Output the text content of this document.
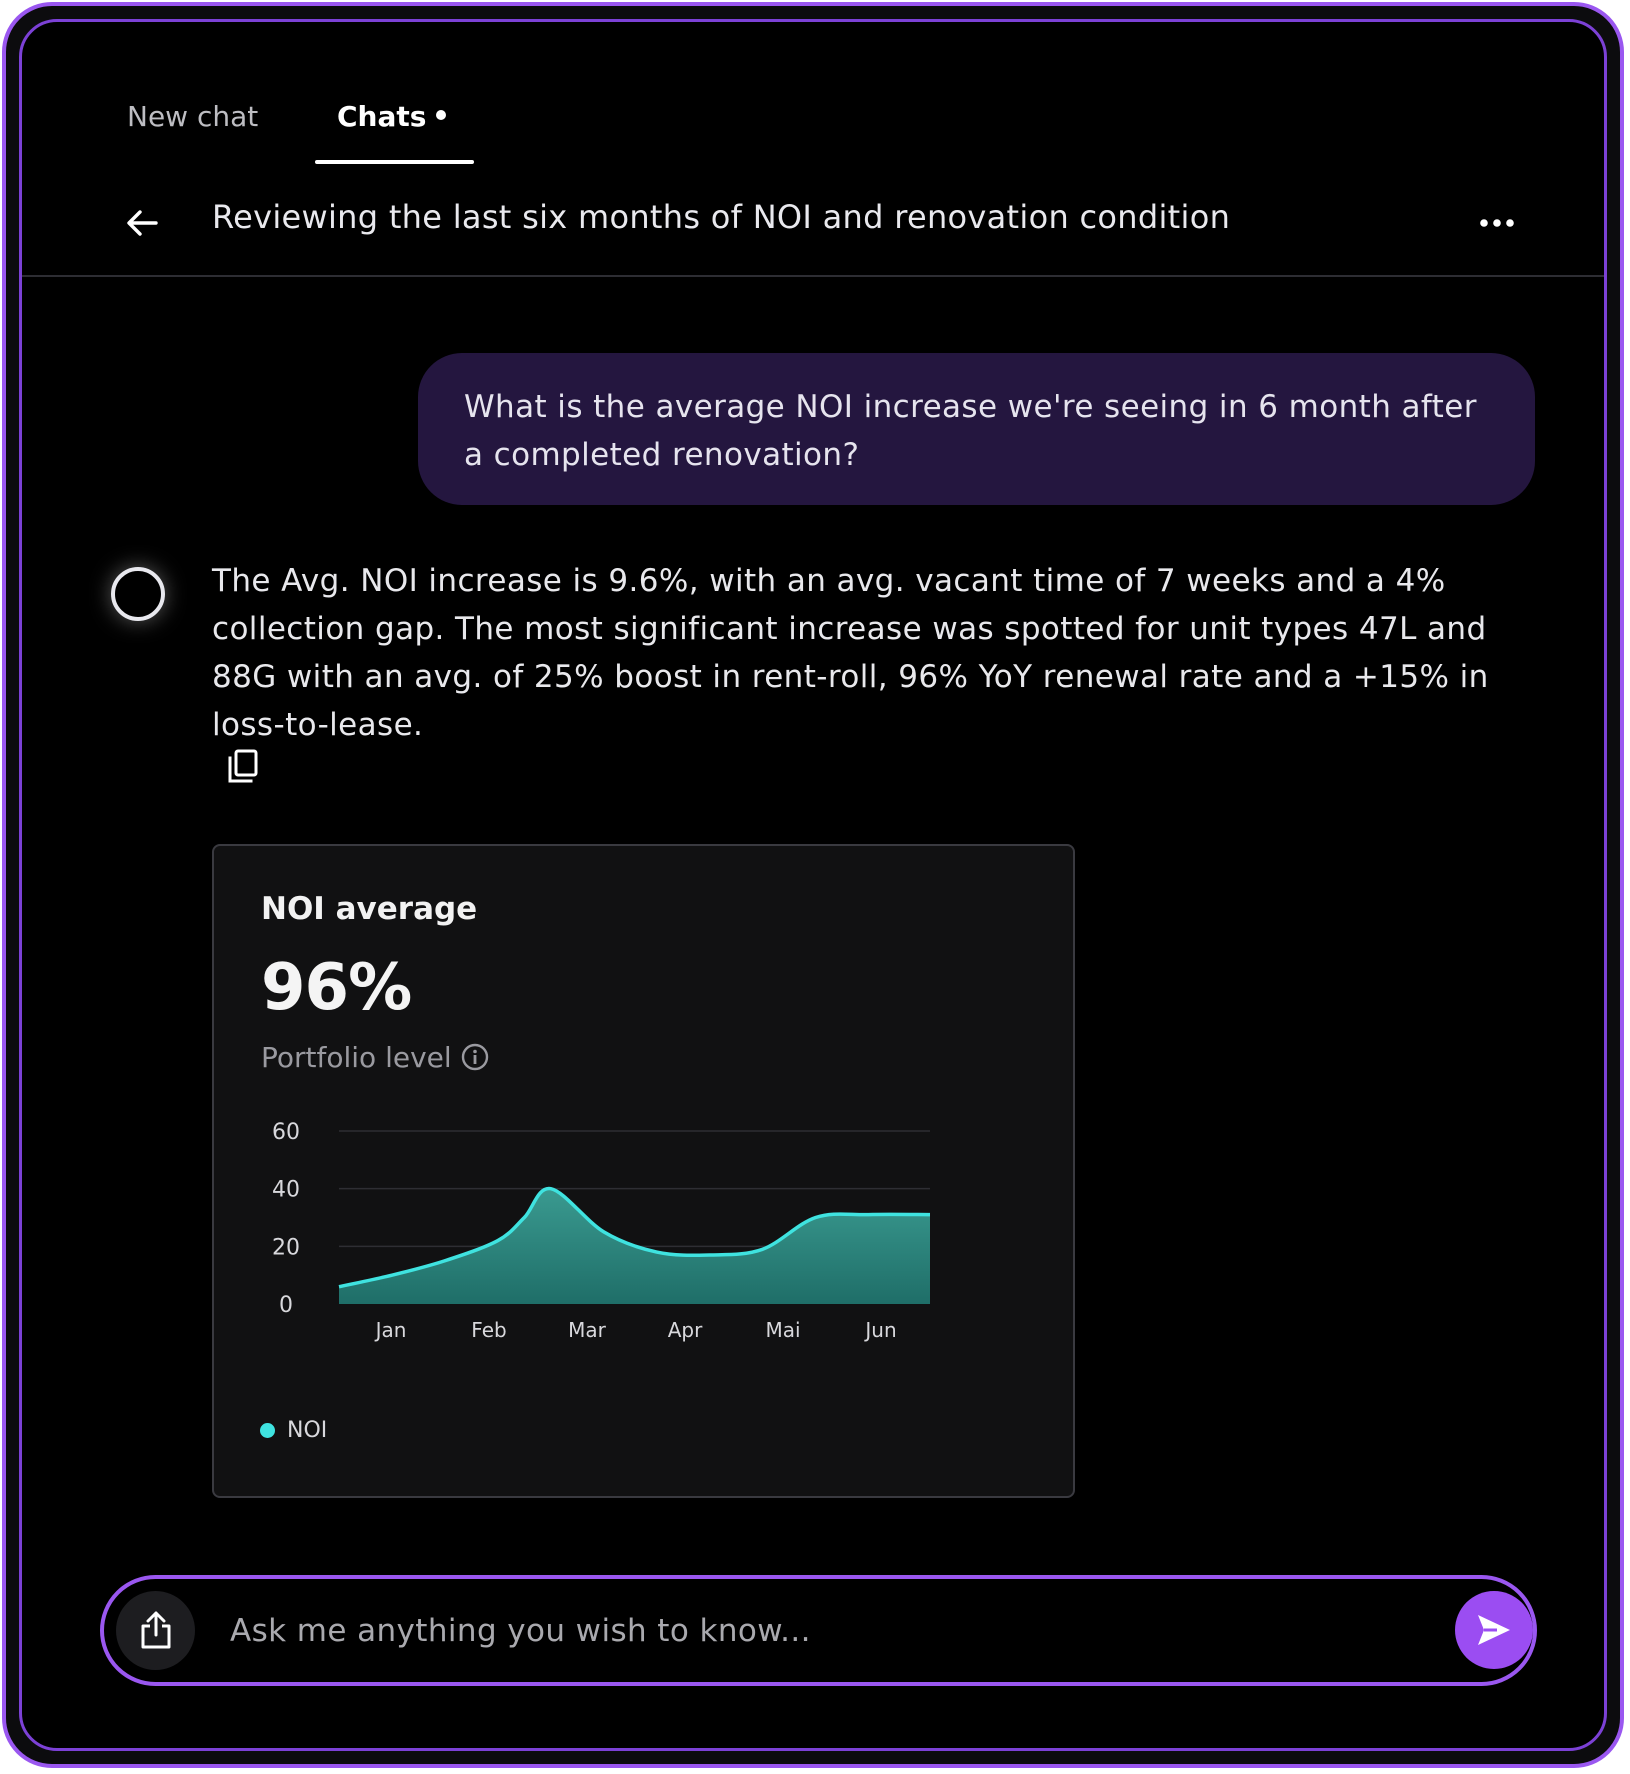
New chat	Chats
Reviewing the last six months of NOI and renovation condition
What is the average NOI increase we're seeing in 6 month after a completed renovation?
The Avg. NOI increase is 9.6%, with an avg. vacant time of 7 weeks and a 4% collection gap. The most significant increase was spotted for unit types 47L and 88G with an avg. of 25% boost in rent-roll, 96% YoY renewal rate and a +15% in loss-to-lease.
NOI average
96%
Portfolio level
0
20
40
60
Jan	Feb	Mar	Apr	Mai	Jun
NOI
Ask me anything you wish to know...
